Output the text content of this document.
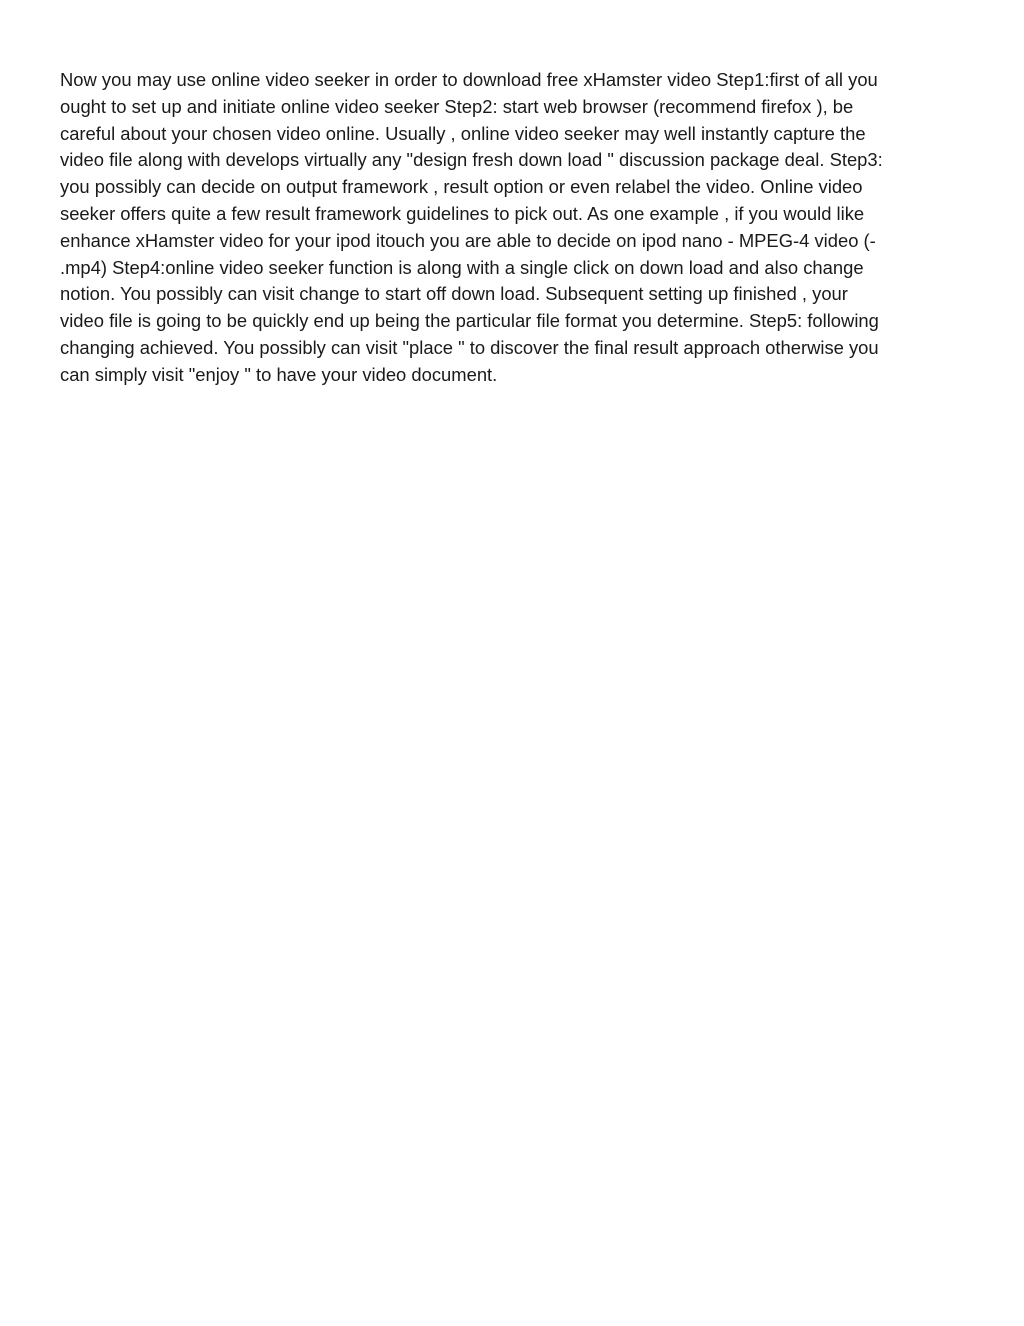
Now you may use online video seeker in order to download free xHamster video Step1:first of all you
ought to set up and initiate online video seeker Step2: start web browser (recommend firefox ), be
careful about your chosen video online. Usually , online video seeker may well instantly capture the
video file along with develops virtually any "design fresh down load " discussion package deal. Step3:
you possibly can decide on output framework , result option or even relabel the video. Online video
seeker offers quite a few result framework guidelines to pick out. As one example , if you would like
enhance xHamster video for your ipod itouch you are able to decide on ipod nano - MPEG-4 video (-
.mp4) Step4:online video seeker function is along with a single click on down load and also change
notion. You possibly can visit change to start off down load. Subsequent setting up finished , your
video file is going to be quickly end up being the particular file format you determine. Step5: following
changing achieved. You possibly can visit "place " to discover the final result approach otherwise you
can simply visit "enjoy " to have your video document.
